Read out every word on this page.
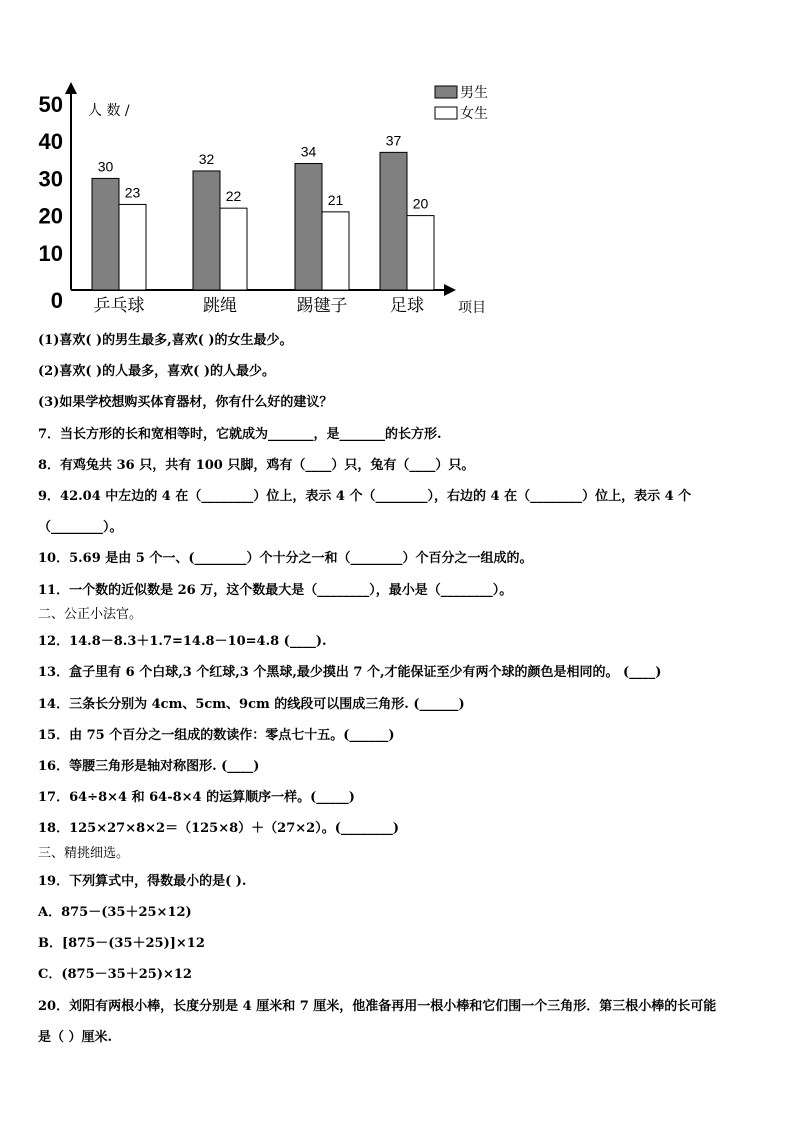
0
10
20
30
40
50 人 数 /
项目
30
23
32
22
34
21
37
20
乒乓球	跳绳	踢毽子	足球
男生
女生
(1)喜欢( )的男生最多,喜欢( )的女生最少。
(2)喜欢( )的人最多，喜欢( )的人最少。
(3)如果学校想购买体育器材，你有什么好的建议？
7．当长方形的长和宽相等时，它就成为_______，是_______的长方形.
8．有鸡兔共 36 只，共有 100 只脚，鸡有（____）只，兔有（____）只。
9．42.04 中左边的 4 在（________）位上，表示 4 个（________），右边的 4 在（________）位上，表示 4 个
（________）。
10．5.69 是由 5 个一、(________）个十分之一和（________）个百分之一组成的。
11．一个数的近似数是 26 万，这个数最大是（________），最小是（________）。
二、公正小法官。
12．14.8－8.3＋1.7=14.8－10=4.8 (____).
13．盒子里有 6 个白球,3 个红球,3 个黑球,最少摸出 7 个,才能保证至少有两个球的颜色是相同的。 (____)
14．三条长分别为 4cm、5cm、9cm 的线段可以围成三角形. (______)
15．由 75 个百分之一组成的数读作：零点七十五。(______)
16．等腰三角形是轴对称图形. (____)
17．64÷8×4 和 64-8×4 的运算顺序一样。(_____)
18．125×27×8×2＝（125×8）＋（27×2）。(________)
三、精挑细选。
19．下列算式中，得数最小的是( ).
A．875－(35＋25×12)
B．[875－(35＋25)]×12
C．(875－35＋25)×12
20．刘阳有两根小棒，长度分别是 4 厘米和 7 厘米，他准备再用一根小棒和它们围一个三角形．第三根小棒的长可能
是（ ）厘米.
